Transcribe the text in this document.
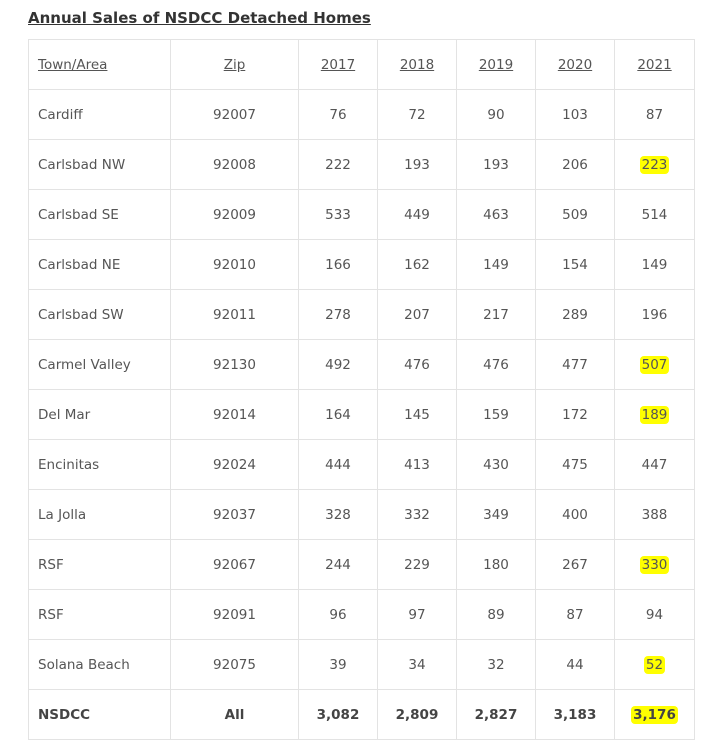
Annual Sales of NSDCC Detached Homes
Town/Area	Zip	2017	2018	2019	2020	2021
Cardiff	92007	76	72	90	103	87
Carlsbad NW	92008	222	193	193	206	223
Carlsbad SE	92009	533	449	463	509	514
Carlsbad NE	92010	166	162	149	154	149
Carlsbad SW	92011	278	207	217	289	196
Carmel Valley	92130	492	476	476	477	507
Del Mar	92014	164	145	159	172	189
Encinitas	92024	444	413	430	475	447
La Jolla	92037	328	332	349	400	388
RSF	92067	244	229	180	267	330
RSF	92091	96	97	89	87	94
Solana Beach	92075	39	34	32	44	52
NSDCC	All	3,082	2,809	2,827	3,183	3,176
